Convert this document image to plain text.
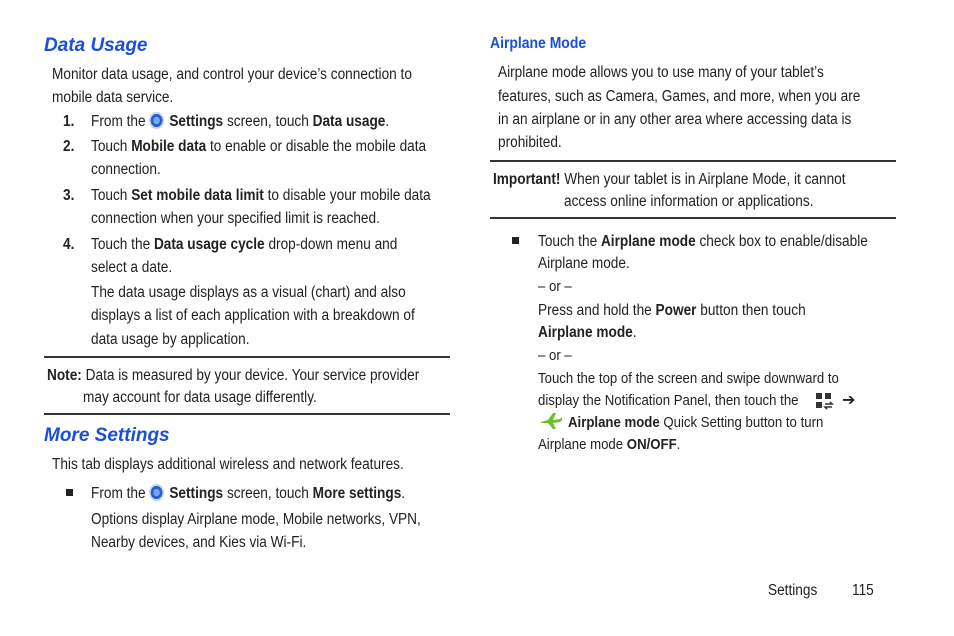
Data Usage
Monitor data usage, and control your device’s connection to
mobile data service.
1. From the Settings screen, touch Data usage.
2. Touch Mobile data to enable or disable the mobile data
connection.
3. Touch Set mobile data limit to disable your mobile data
connection when your specified limit is reached.
4. Touch the Data usage cycle drop-down menu and
select a date.
The data usage displays as a visual (chart) and also
displays a list of each application with a breakdown of
data usage by application.
Note: Data is measured by your device. Your service provider
may account for data usage differently.
More Settings
This tab displays additional wireless and network features.
From the Settings screen, touch More settings.
Options display Airplane mode, Mobile networks, VPN,
Nearby devices, and Kies via Wi-Fi.
Airplane Mode
Airplane mode allows you to use many of your tablet’s
features, such as Camera, Games, and more, when you are
in an airplane or in any other area where accessing data is
prohibited.
Important! When your tablet is in Airplane Mode, it cannot
access online information or applications.
Touch the Airplane mode check box to enable/disable
Airplane mode.
– or –
Press and hold the Power button then touch
Airplane mode.
– or –
Touch the top of the screen and swipe downward to
display the Notification Panel, then touch the	➔
Airplane mode Quick Setting button to turn
Airplane mode ON/OFF.
Settings 115
